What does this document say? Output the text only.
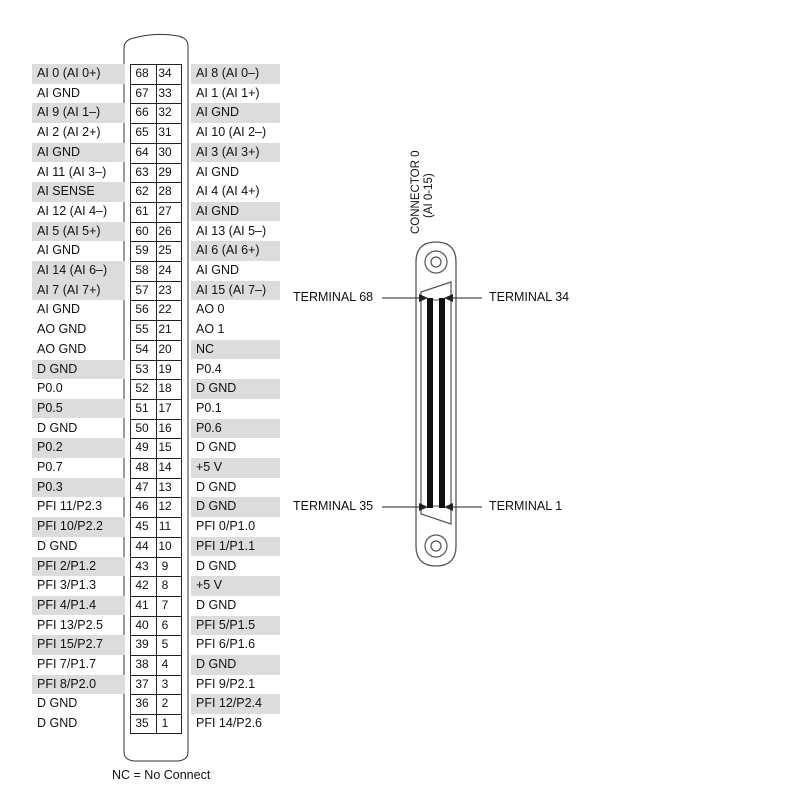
AI 0 (AI 0+)	68 34	AI 8 (AI 0–)
AI GND	67 33	AI 1 (AI 1+)
AI 9 (AI 1–)	66 32	AI GND
AI 2 (AI 2+)	65 31	AI 10 (AI 2–)
AI GND	64 30	AI 3 (AI 3+)
AI 11 (AI 3–)	63 29	AI GND
AI SENSE	62 28	AI 4 (AI 4+)
AI 12 (AI 4–)	61 27	AI GND
AI 5 (AI 5+)	60 26	AI 13 (AI 5–)
AI GND	59 25	AI 6 (AI 6+)
AI 14 (AI 6–)	58 24	AI GND
AI 7 (AI 7+)	57 23	AI 15 (AI 7–)
AI GND	56 22	AO 0
AO GND	55 21	AO 1
AO GND	54 20	NC
D GND	53 19	P0.4
P0.0	52 18	D GND
P0.5	51 17	P0.1
D GND	50 16	P0.6
P0.2	49 15	D GND
P0.7	48 14	+5 V
P0.3	47 13	D GND
PFI 11/P2.3	46 12	D GND
PFI 10/P2.2	45 11	PFI 0/P1.0
D GND	44 10	PFI 1/P1.1
PFI 2/P1.2	43	9	D GND
PFI 3/P1.3	42	8	+5 V
PFI 4/P1.4	41	7	D GND
PFI 13/P2.5	40	6	PFI 5/P1.5
PFI 15/P2.7	39	5	PFI 6/P1.6
PFI 7/P1.7	38	4	D GND
PFI 8/P2.0	37	3	PFI 9/P2.1
D GND	36	2	PFI 12/P2.4
D GND	35	1	PFI 14/P2.6
CONNECTOR 0 (AI 0-15)
TERMINAL 68	TERMINAL 34
TERMINAL 35	TERMINAL 1
NC = No Connect
